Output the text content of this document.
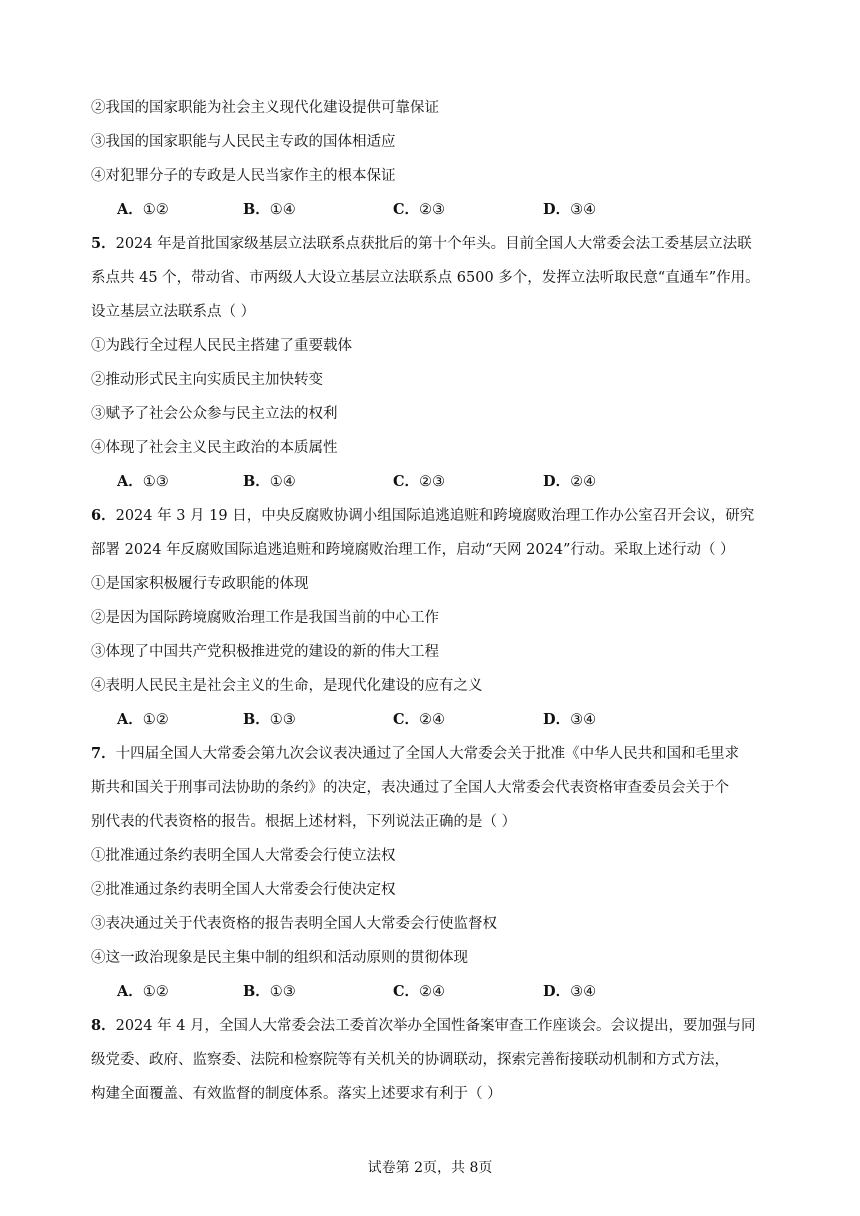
②我国的国家职能为社会主义现代化建设提供可靠保证
③我国的国家职能与人民民主专政的国体相适应
④对犯罪分子的专政是人民当家作主的根本保证
A．①②	B．①④	C．②③	D．③④
5．2024 年是首批国家级基层立法联系点获批后的第十个年头。目前全国人大常委会法工委基层立法联
系点共 45 个，带动省、市两级人大设立基层立法联系点 6500 多个，发挥立法听取民意“直通车”作用。
设立基层立法联系点（ ）
①为践行全过程人民民主搭建了重要载体
②推动形式民主向实质民主加快转变
③赋予了社会公众参与民主立法的权利
④体现了社会主义民主政治的本质属性
A．①③	B．①④	C．②③	D．②④
6．2024 年 3 月 19 日，中央反腐败协调小组国际追逃追赃和跨境腐败治理工作办公室召开会议，研究
部署 2024 年反腐败国际追逃追赃和跨境腐败治理工作，启动“天网 2024”行动。采取上述行动（ ）
①是国家积极履行专政职能的体现
②是因为国际跨境腐败治理工作是我国当前的中心工作
③体现了中国共产党积极推进党的建设的新的伟大工程
④表明人民民主是社会主义的生命，是现代化建设的应有之义
A．①②	B．①③	C．②④	D．③④
7．十四届全国人大常委会第九次会议表决通过了全国人大常委会关于批准《中华人民共和国和毛里求
斯共和国关于刑事司法协助的条约》的决定，表决通过了全国人大常委会代表资格审查委员会关于个
别代表的代表资格的报告。根据上述材料，下列说法正确的是（ ）
①批准通过条约表明全国人大常委会行使立法权
②批准通过条约表明全国人大常委会行使决定权
③表决通过关于代表资格的报告表明全国人大常委会行使监督权
④这一政治现象是民主集中制的组织和活动原则的贯彻体现
A．①②	B．①③	C．②④	D．③④
8．2024 年 4 月，全国人大常委会法工委首次举办全国性备案审查工作座谈会。会议提出，要加强与同
级党委、政府、监察委、法院和检察院等有关机关的协调联动，探索完善衔接联动机制和方式方法，
构建全面覆盖、有效监督的制度体系。落实上述要求有利于（ ）
试卷第 2页，共 8页
